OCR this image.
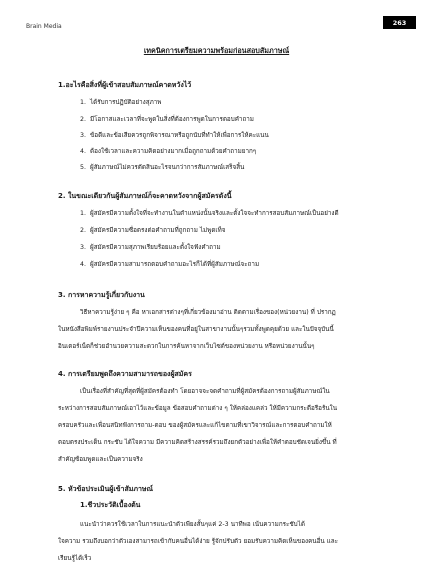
Brain Media	263
เทคนิคการเตรียมความพร้อมก่อนสอบสัมภาษณ์
1.อะไรคือสิ่งที่ผู้เข้าสอบสัมภาษณ์คาดหวังไว้
1. ได้รับการปฏิบัติอย่างสุภาพ
2. มีโอกาสและเวลาที่จะพูดในสิ่งที่ต้องการพูดในการตอบคำถาม
3. ข้อดีและข้อเสียควรถูกพิจารณาหรือถูกนับที่ทำให้เพื่อการให้คะแนน
4. ต้องใช้เวลาและความคิดอย่างมากเมื่อถูกถามด้วยคำถามยากๆ
5. ผู้สัมภาษณ์ไม่ควรตัดสินอะไรจนกว่าการสัมภาษณ์เสร็จสิ้น
2. ในขณะเดียวกันผู้สัมภาษณ์ก็จะคาดหวังจากผู้สมัครดังนี้
1. ผู้สมัครมีความตั้งใจที่จะทำงานในตำแหน่งนั้นจริงและตั้งใจจะทำการสอบสัมภาษณ์เป็นอย่างดี
2. ผู้สมัครมีความซื่อตรงต่อคำถามที่ถูกถาม ไม่พูดเท็จ
3. ผู้สมัครมีความสุภาพเรียบร้อยและตั้งใจฟังคำถาม
4. ผู้สมัครมีความสามารถตอบคำถามอะไรก็ได้ที่ผู้สัมภาษณ์จะถาม
3. การหาความรู้เกี่ยวกับงาน
วิธีหาความรู้ง่าย ๆ คือ หาเอกสารต่างๆที่เกี่ยวข้องมาอ่าน ติดตามเรื่องของ(หน่วยงาน) ที่ ปรากฏ
ในหนังสือพิมพ์รายงานประจำปีความเห็นของคนที่อยู่ในสาขางานนั้นๆรวมทั้งพูดคุยด้วย และในปัจจุบันนี้
อินเตอร์เน็ตก็ช่วยอำนวยความสะดวกในการค้นหาจากเว็บไซต์ของหน่วยงาน หรือหน่วยงานนั้นๆ
4. การเตรียมพูดถึงความสามารถของผู้สมัคร
เป็นเรื่องที่สำคัญที่สุดที่ผู้สมัครต้องทำ โดยอาจจะจดคำถามที่ผู้สมัครต้องการถามผู้สัมภาษณ์ใน
ระหว่างการสอบสัมภาษณ์เอาไว้และข้อมูล ข้อสอบคำถามต่าง ๆ ให้คล่องแคล่ว ให้มีความกระตือรือร้นใน
ครอบครัวและเพื่อนสนิทฟังการถาม-ตอบ ของผู้สมัครและแก้ไขตามที่เขาวิจารณ์และการตอบคำถามให้
ตอบตรงประเด็น กระชับ ได้ใจความ มีความคิดสร้างสรรค์รวมถึงยกตัวอย่างเพื่อให้คำตอบชัดเจนยิ่งขึ้น ที่
สำคัญซ้อมพูดและเป็นความจริง
5. หัวข้อประเมินผู้เข้าสัมภาษณ์
1.ชีวประวัติเบื้องต้น
แนะนำว่าควรใช้เวลาในการแนะนำตัวเพียงสั้นๆแค่ 2-3 นาทีพอ เน้นความกระชับได้
ใจความ รวมถึงบอกว่าตัวเองสามารถเข้ากับคนอื่นได้ง่าย รู้จักปรับตัว ยอมรับความคิดเห็นของคนอื่น และ
เรียนรู้ได้เร็ว
